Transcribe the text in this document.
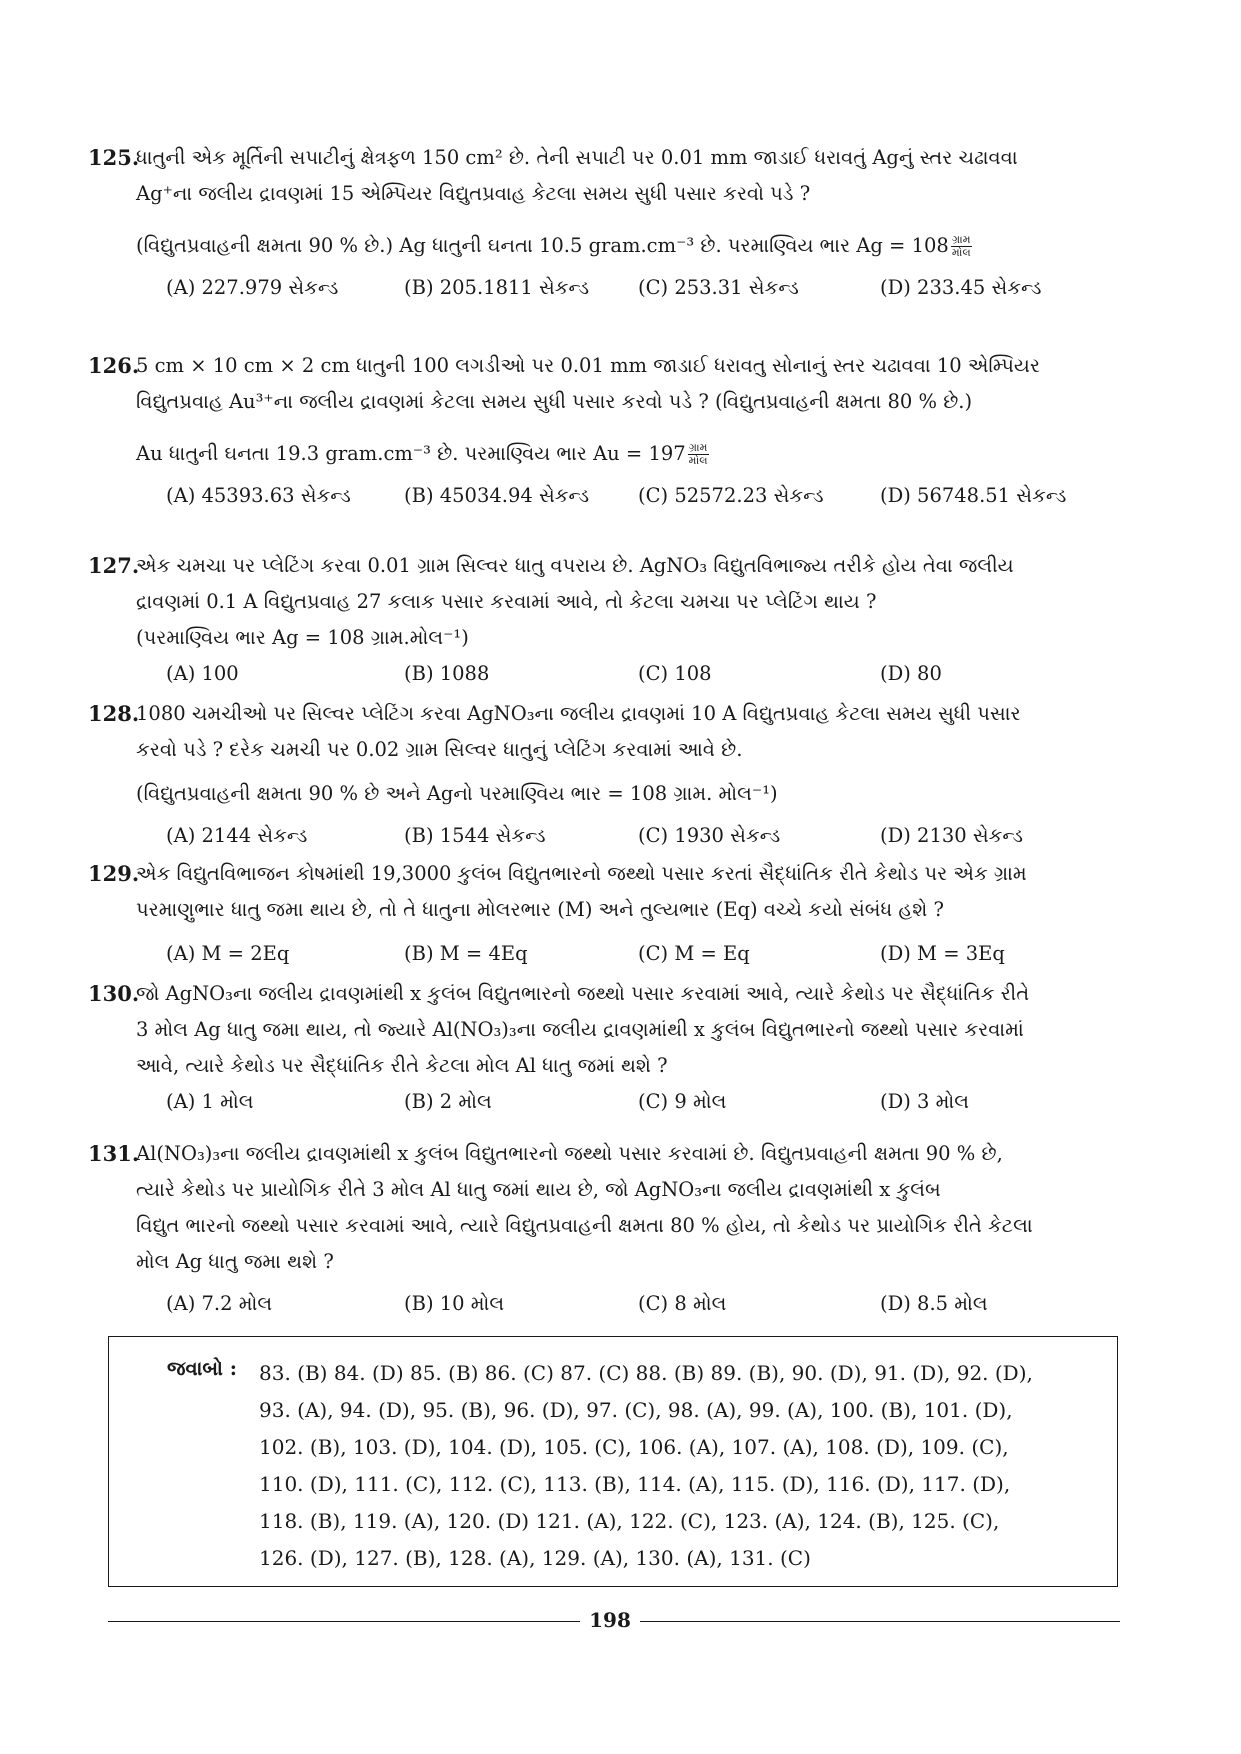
125.
ધાતુની એક મૂર્તિની સપાટીનું ક્ષેત્રફળ 150 cm² છે. તેની સપાટી પર 0.01 mm જાડાઈ ધરાવતું Agનું સ્તર ચઢાવવા
Ag⁺ના જલીય દ્રાવણમાં 15 એમ્પિયર વિદ્યુતપ્રવાહ કેટલા સમય સુધી પસાર કરવો પડે ?
(વિદ્યુતપ્રવાહની ક્ષમતા 90 % છે.) Ag ધાતુની ઘનતા 10.5 gram.cm⁻³ છે. પરમાણ્વિય ભાર $Ag = 108 \frac{\text{ગ્રામ}}{\text{મોલ}}$
(A) 227.979 સેકન્ડ	(B) 205.1811 સેકન્ડ	(C) 253.31 સેકન્ડ	(D) 233.45 સેકન્ડ
126.
5 cm × 10 cm × 2 cm ધાતુની 100 લગડીઓ પર 0.01 mm જાડાઈ ધરાવતુ સોનાનું સ્તર ચઢાવવા 10 એમ્પિયર
વિદ્યુતપ્રવાહ Au³⁺ના જલીય દ્રાવણમાં કેટલા સમય સુધી પસાર કરવો પડે ? (વિદ્યુતપ્રવાહની ક્ષમતા 80 % છે.)
Au ધાતુની ઘનતા 19.3 gram.cm⁻³ છે. પરમાણ્વિય ભાર $Au = 197 \frac{\text{ગ્રામ}}{\text{મોલ}}$
(A) 45393.63 સેકન્ડ	(B) 45034.94 સેકન્ડ	(C) 52572.23 સેકન્ડ	(D) 56748.51 સેકન્ડ
127.
એક ચમચા પર પ્લેટિંગ કરવા 0.01 ગ્રામ સિલ્વર ધાતુ વપરાય છે. AgNO₃ વિદ્યુતવિભાજ્ય તરીકે હોય તેવા જલીય
દ્રાવણમાં 0.1 A વિદ્યુતપ્રવાહ 27 કલાક પસાર કરવામાં આવે, તો કેટલા ચમચા પર પ્લેટિંગ થાય ?
(પરમાણ્વિય ભાર Ag = 108 ગ્રામ.મોલ⁻¹)
(A) 100	(B) 1088	(C) 108	(D) 80
128.
1080 ચમચીઓ પર સિલ્વર પ્લેટિંગ કરવા AgNO₃ના જલીય દ્રાવણમાં 10 A વિદ્યુતપ્રવાહ કેટલા સમય સુધી પસાર
કરવો પડે ? દરેક ચમચી પર 0.02 ગ્રામ સિલ્વર ધાતુનું પ્લેટિંગ કરવામાં આવે છે.
(વિદ્યુતપ્રવાહની ક્ષમતા 90 % છે અને Agનો પરમાણ્વિય ભાર = 108 ગ્રામ. મોલ⁻¹)
(A) 2144 સેકન્ડ	(B) 1544 સેકન્ડ	(C) 1930 સેકન્ડ	(D) 2130 સેકન્ડ
129.
એક વિદ્યુતવિભાજન કોષમાંથી 19,3000 કુલંબ વિદ્યુતભારનો જથ્થો પસાર કરતાં સૈદ્ધાંતિક રીતે કેથોડ પર એક ગ્રામ
પરમાણુભાર ધાતુ જમા થાય છે, તો તે ધાતુના મોલરભાર (M) અને તુલ્યભાર (Eq) વચ્ચે કયો સંબંધ હશે ?
(A) M = 2Eq	(B) M = 4Eq	(C) M = Eq	(D) M = 3Eq
130.
જો AgNO₃ના જલીય દ્રાવણમાંથી x કુલંબ વિદ્યુતભારનો જથ્થો પસાર કરવામાં આવે, ત્યારે કેથોડ પર સૈદ્ધાંતિક રીતે
3 મોલ Ag ધાતુ જમા થાય, તો જ્યારે Al(NO₃)₃ના જલીય દ્રાવણમાંથી x કુલંબ વિદ્યુતભારનો જથ્થો પસાર કરવામાં
આવે, ત્યારે કેથોડ પર સૈદ્ધાંતિક રીતે કેટલા મોલ Al ધાતુ જમાં થશે ?
(A) 1 મોલ	(B) 2 મોલ	(C) 9 મોલ	(D) 3 મોલ
131.
Al(NO₃)₃ના જલીય દ્રાવણમાંથી x કુલંબ વિદ્યુતભારનો જથ્થો પસાર કરવામાં છે. વિદ્યુતપ્રવાહની ક્ષમતા 90 % છે,
ત્યારે કેથોડ પર પ્રાયોગિક રીતે 3 મોલ Al ધાતુ જમાં થાય છે, જો AgNO₃ના જલીય દ્રાવણમાંથી x કુલંબ
વિદ્યુત ભારનો જથ્થો પસાર કરવામાં આવે, ત્યારે વિદ્યુતપ્રવાહની ક્ષમતા 80 % હોય, તો કેથોડ પર પ્રાયોગિક રીતે કેટલા
મોલ Ag ધાતુ જમા થશે ?
(A) 7.2 મોલ	(B) 10 મોલ	(C) 8 મોલ	(D) 8.5 મોલ
જવાબો : 83. (B) 84. (D) 85. (B) 86. (C) 87. (C) 88. (B) 89. (B), 90. (D), 91. (D), 92. (D),
93. (A), 94. (D), 95. (B), 96. (D), 97. (C), 98. (A), 99. (A), 100. (B), 101. (D),
102. (B), 103. (D), 104. (D), 105. (C), 106. (A), 107. (A), 108. (D), 109. (C),
110. (D), 111. (C), 112. (C), 113. (B), 114. (A), 115. (D), 116. (D), 117. (D),
118. (B), 119. (A), 120. (D) 121. (A), 122. (C), 123. (A), 124. (B), 125. (C),
126. (D), 127. (B), 128. (A), 129. (A), 130. (A), 131. (C)
198
